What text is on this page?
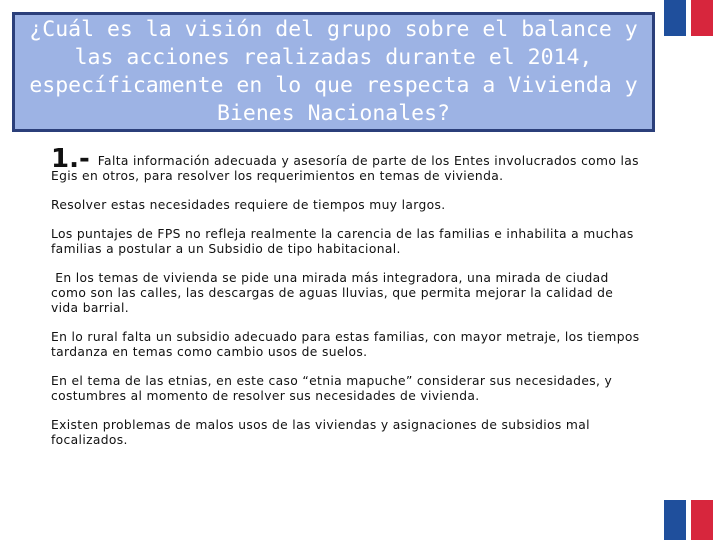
¿Cuál es la visión del grupo sobre el balance y las acciones realizadas durante el 2014, específicamente en lo que respecta a Vivienda y Bienes Nacionales?

1.- Falta información adecuada y asesoría de parte de los Entes involucrados como las Egis en otros, para resolver los requerimientos en temas de vivienda.

Resolver estas necesidades requiere de tiempos muy largos.

Los puntajes de FPS no refleja realmente la carencia de las familias e inhabilita a muchas familias a postular a un Subsidio de tipo habitacional.

En los temas de vivienda se pide una mirada más integradora, una mirada de ciudad como son las calles, las descargas de aguas lluvias, que permita mejorar la calidad de vida barrial.

En lo rural falta un subsidio adecuado para estas familias, con mayor metraje, los tiempos tardanza en temas como cambio usos de suelos.

En el tema de las etnias, en este caso “etnia mapuche” considerar sus necesidades, y costumbres al momento de resolver sus necesidades de vivienda.

Existen problemas de malos usos de las viviendas y asignaciones de subsidios mal focalizados.
